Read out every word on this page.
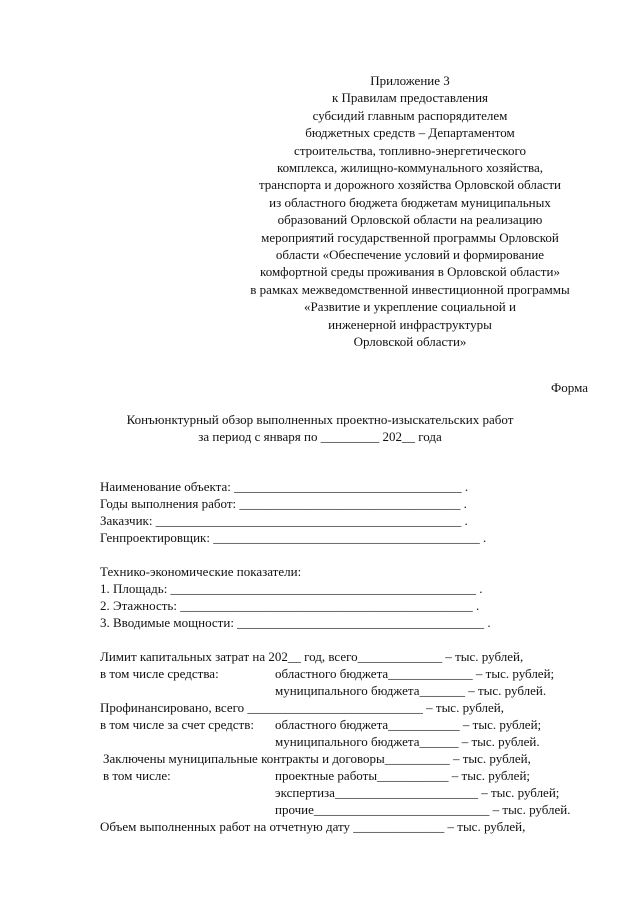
Приложение 3
к Правилам предоставления
субсидий главным распорядителем
бюджетных средств – Департаментом
строительства, топливно-энергетического
комплекса, жилищно-коммунального хозяйства,
транспорта и дорожного хозяйства Орловской области
из областного бюджета бюджетам муниципальных
образований Орловской области на реализацию
мероприятий государственной программы Орловской
области «Обеспечение условий и формирование
комфортной среды проживания в Орловской области»
в рамках межведомственной инвестиционной программы
«Развитие и укрепление социальной и
инженерной инфраструктуры
Орловской области»
Форма
Конъюнктурный обзор выполненных проектно-изыскательских работ
за период с января по _________ 202__ года
Наименование объекта: ___________________________________ .
Годы выполнения работ: __________________________________ .
Заказчик: _______________________________________________ .
Генпроектировщик: _________________________________________ .
Технико-экономические показатели:
1. Площадь: _______________________________________________ .
2. Этажность: _____________________________________________ .
3. Вводимые мощности: ______________________________________ .
Лимит капитальных затрат на 202__ год, всего_____________ – тыс. рублей,
в том числе средства:	областного бюджета_____________ – тыс. рублей;
муниципального бюджета_______ – тыс. рублей.
Профинансировано, всего ___________________________ – тыс. рублей,
в том числе за счет средств: областного бюджета___________ – тыс. рублей;
муниципального бюджета______ – тыс. рублей.
Заключены муниципальные контракты и договоры__________ – тыс. рублей,
в том числе:	проектные работы___________ – тыс. рублей;
экспертиза______________________ – тыс. рублей;
прочие___________________________ – тыс. рублей.
Объем выполненных работ на отчетную дату ______________ – тыс. рублей,
